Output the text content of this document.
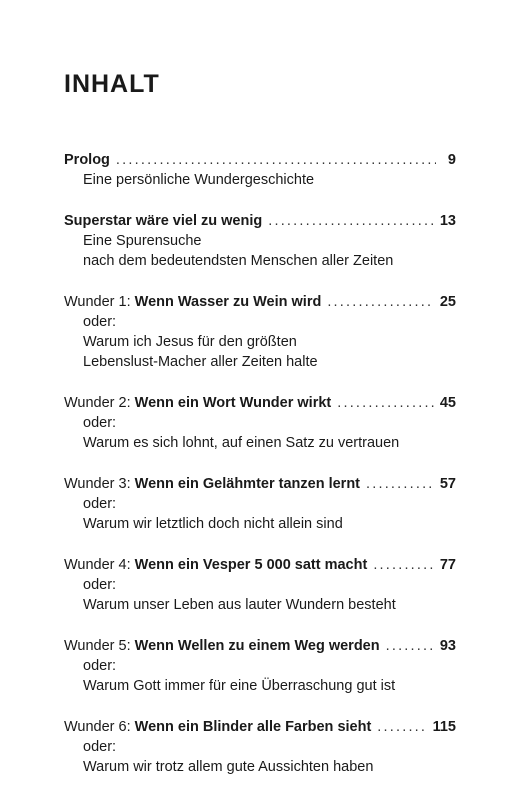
INHALT
Prolog .....	9
Eine persönliche Wundergeschichte
Superstar wäre viel zu wenig .....	13
Eine Spurensuche
nach dem bedeutendsten Menschen aller Zeiten
Wunder 1: Wenn Wasser zu Wein wird .....	25
oder:
Warum ich Jesus für den größten
Lebenslust-Macher aller Zeiten halte
Wunder 2: Wenn ein Wort Wunder wirkt .....	45
oder:
Warum es sich lohnt, auf einen Satz zu vertrauen
Wunder 3: Wenn ein Gelähmter tanzen lernt .....	57
oder:
Warum wir letztlich doch nicht allein sind
Wunder 4: Wenn ein Vesper 5 000 satt macht .....	77
oder:
Warum unser Leben aus lauter Wundern besteht
Wunder 5: Wenn Wellen zu einem Weg werden .....	93
oder:
Warum Gott immer für eine Überraschung gut ist
Wunder 6: Wenn ein Blinder alle Farben sieht .....	115
oder:
Warum wir trotz allem gute Aussichten haben
